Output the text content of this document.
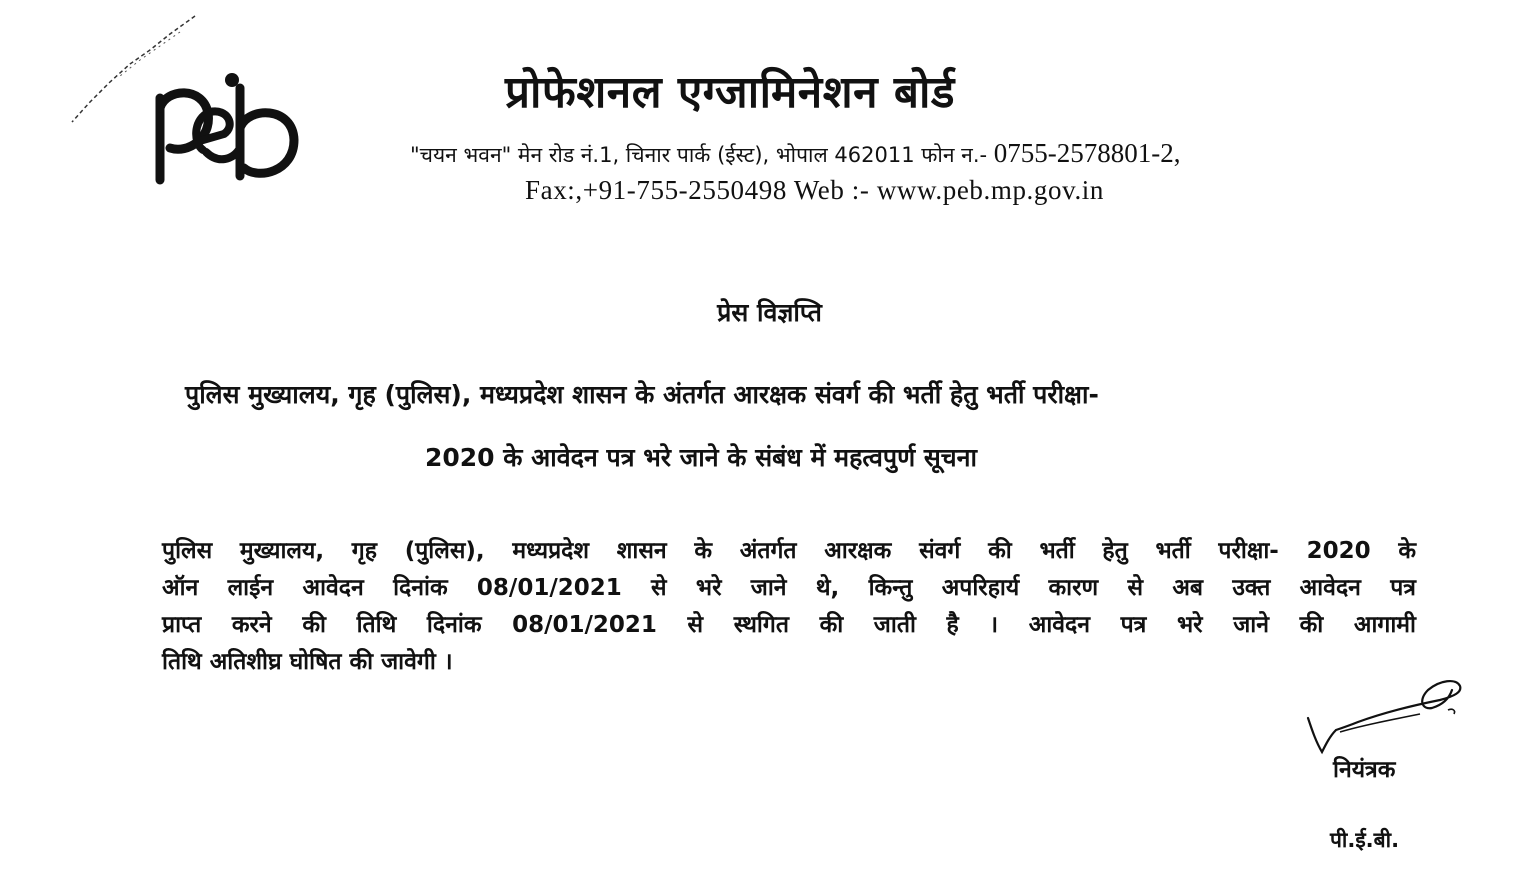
प्रोफेशनल एग्जामिनेशन बोर्ड
"चयन भवन" मेन रोड नं.1, चिनार पार्क (ईस्ट), भोपाल 462011 फोन न.- 0755-2578801-2,
Fax:,+91-755-2550498 Web :- www.peb.mp.gov.in
प्रेस विज्ञप्ति
पुलिस मुख्यालय, गृह (पुलिस), मध्यप्रदेश शासन के अंतर्गत आरक्षक संवर्ग की भर्ती हेतु भर्ती परीक्षा-
2020 के आवेदन पत्र भरे जाने के संबंध में महत्वपुर्ण सूचना
पुलिस मुख्यालय, गृह (पुलिस), मध्यप्रदेश शासन के अंतर्गत आरक्षक संवर्ग की भर्ती हेतु भर्ती परीक्षा- 2020 के
ऑन लाईन आवेदन दिनांक 08/01/2021 से भरे जाने थे, किन्तु अपरिहार्य कारण से अब उक्त आवेदन पत्र
प्राप्त करने की तिथि दिनांक 08/01/2021 से स्थगित की जाती है । आवेदन पत्र भरे जाने की आगामी
तिथि अतिशीघ्र घोषित की जावेगी ।
नियंत्रक
पी.ई.बी.
